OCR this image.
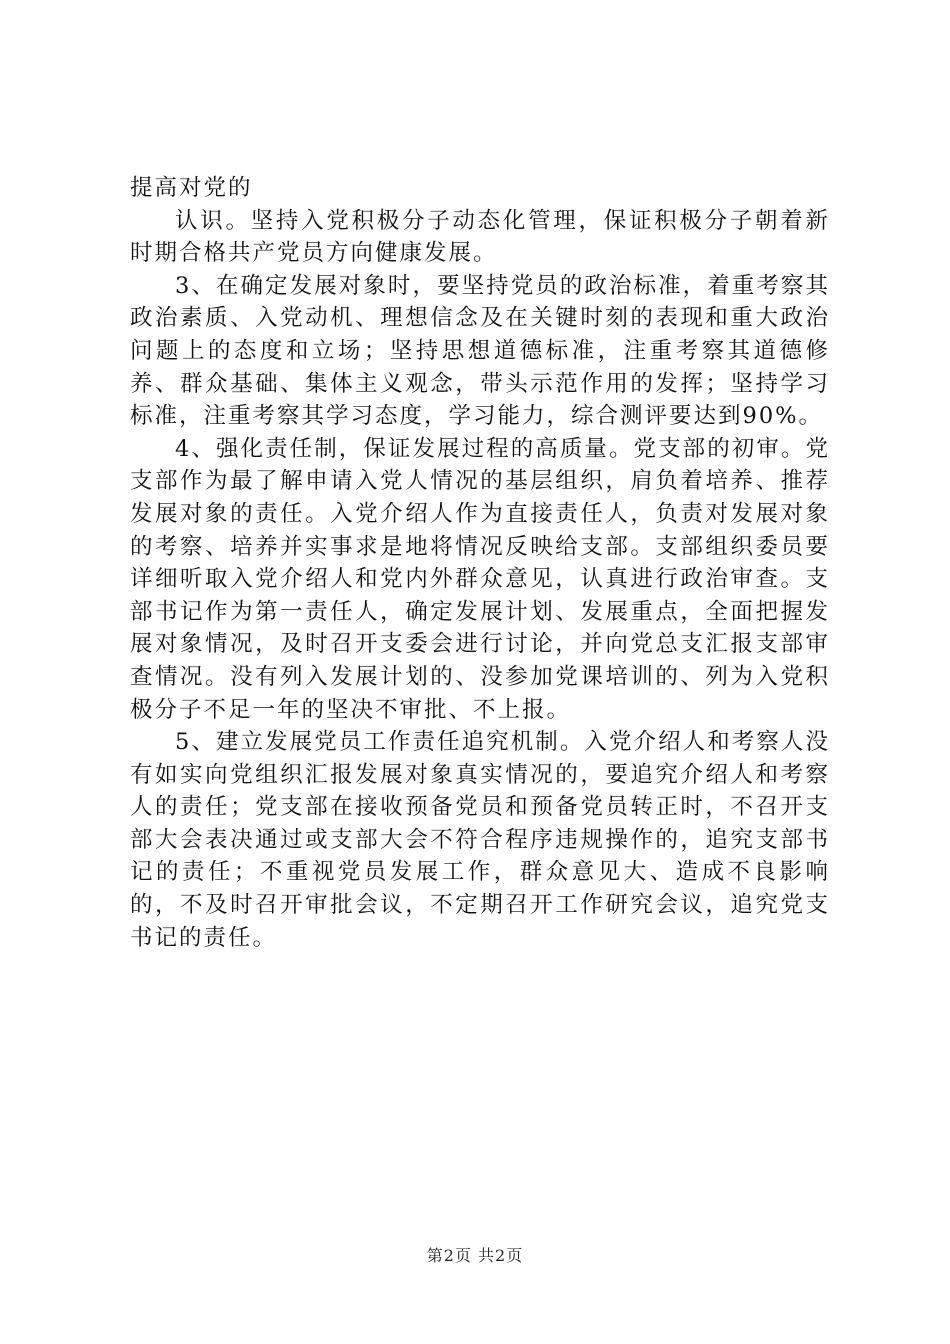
提高对党的

认识。坚持入党积极分子动态化管理，保证积极分子朝着新时期合格共产党员方向健康发展。

3、在确定发展对象时，要坚持党员的政治标准，着重考察其政治素质、入党动机、理想信念及在关键时刻的表现和重大政治问题上的态度和立场；坚持思想道德标准，注重考察其道德修养、群众基础、集体主义观念，带头示范作用的发挥；坚持学习标准，注重考察其学习态度，学习能力，综合测评要达到90%。

4、强化责任制，保证发展过程的高质量。党支部的初审。党支部作为最了解申请入党人情况的基层组织，肩负着培养、推荐发展对象的责任。入党介绍人作为直接责任人，负责对发展对象的考察、培养并实事求是地将情况反映给支部。支部组织委员要详细听取入党介绍人和党内外群众意见，认真进行政治审查。支部书记作为第一责任人，确定发展计划、发展重点，全面把握发展对象情况，及时召开支委会进行讨论，并向党总支汇报支部审查情况。没有列入发展计划的、没参加党课培训的、列为入党积极分子不足一年的坚决不审批、不上报。

5、建立发展党员工作责任追究机制。入党介绍人和考察人没有如实向党组织汇报发展对象真实情况的，要追究介绍人和考察人的责任；党支部在接收预备党员和预备党员转正时，不召开支部大会表决通过或支部大会不符合程序违规操作的，追究支部书记的责任；不重视党员发展工作，群众意见大、造成不良影响的，不及时召开审批会议，不定期召开工作研究会议，追究党支书记的责任。

第2页 共2页
